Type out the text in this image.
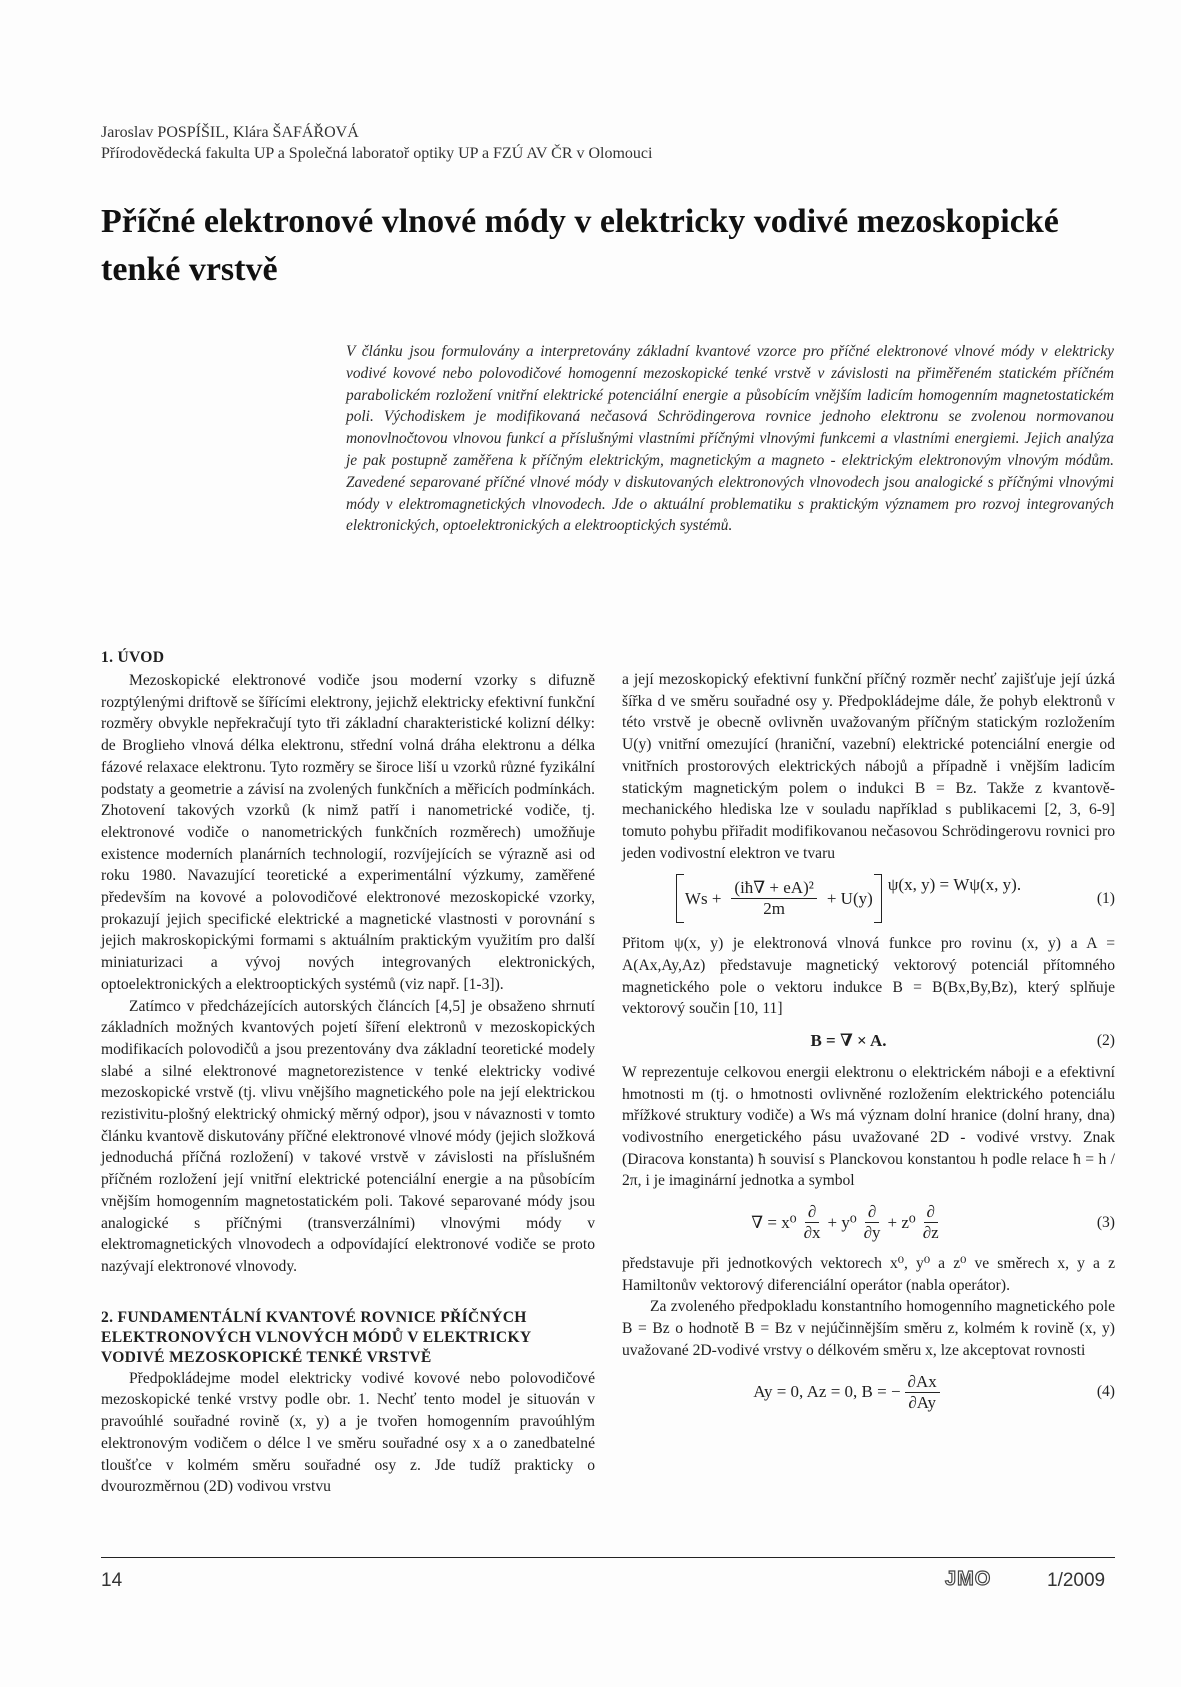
Jaroslav POSPÍŠIL, Klára ŠAFÁŘOVÁ
Přírodovědecká fakulta UP a Společná laboratoř optiky UP a FZÚ AV ČR v Olomouci
Příčné elektronové vlnové módy v elektricky vodivé mezoskopické tenké vrstvě

V článku jsou formulovány a interpretovány základní kvantové vzorce pro příčné elektronové vlnové módy v elektricky vodivé kovové nebo polovodičové homogenní mezoskopické tenké vrstvě v závislosti na přiměřeném statickém příčném parabolickém rozložení vnitřní elektrické potenciální energie a působícím vnějším ladicím homogenním magnetostatickém poli. Východiskem je modifikovaná nečasová Schrödingerova rovnice jednoho elektronu se zvolenou normovanou monovlnočtovou vlnovou funkcí a příslušnými vlastními příčnými vlnovými funkcemi a vlastními energiemi. Jejich analýza je pak postupně zaměřena k příčným elektrickým, magnetickým a magneto - elektrickým elektronovým vlnovým módům. Zavedené separované příčné vlnové módy v diskutovaných elektronových vlnovodech jsou analogické s příčnými vlnovými módy v elektromagnetických vlnovodech. Jde o aktuální problematiku s praktickým významem pro rozvoj integrovaných elektronických, optoelektronických a elektrooptických systémů.

1. ÚVOD

Mezoskopické elektronové vodiče jsou moderní vzorky s difuzně rozptýlenými driftově se šířícími elektrony, jejichž elektricky efektivní funkční rozměry obvykle nepřekračují tyto tři základní charakteristické kolizní délky: de Broglieho vlnová délka elektronu, střední volná dráha elektronu a délka fázové relaxace elektronu. Tyto rozměry se široce liší u vzorků různé fyzikální podstaty a geometrie a závisí na zvolených funkčních a měřicích podmínkách. Zhotovení takových vzorků (k nimž patří i nanometrické vodiče, tj. elektronové vodiče o nanometrických funkčních rozměrech) umožňuje existence moderních planárních technologií, rozvíjejících se výrazně asi od roku 1980. Navazující teoretické a experimentální výzkumy, zaměřené především na kovové a polovodičové elektronové mezoskopické vzorky, prokazují jejich specifické elektrické a magnetické vlastnosti v porovnání s jejich makroskopickými formami s aktuálním praktickým využitím pro další miniaturizaci a vývoj nových integrovaných elektronických, optoelektronických a elektrooptických systémů (viz např. [1-3]).

Zatímco v předcházejících autorských článcích [4,5] je obsaženo shrnutí základních možných kvantových pojetí šíření elektronů v mezoskopických modifikacích polovodičů a jsou prezentovány dva základní teoretické modely slabé a silné elektronové magnetorezistence v tenké elektricky vodivé mezoskopické vrstvě (tj. vlivu vnějšího magnetického pole na její elektrickou rezistivitu-plošný elektrický ohmický měrný odpor), jsou v návaznosti v tomto článku kvantově diskutovány příčné elektronové vlnové módy (jejich složková jednoduchá příčná rozložení) v takové vrstvě v závislosti na příslušném příčném rozložení její vnitřní elektrické potenciální energie a na působícím vnějším homogenním magnetostatickém poli. Takové separované módy jsou analogické s příčnými (transverzálními) vlnovými módy v elektromagnetických vlnovodech a odpovídající elektronové vodiče se proto nazývají elektronové vlnovody.

2. FUNDAMENTÁLNÍ KVANTOVÉ ROVNICE PŘÍČNÝCH ELEKTRONOVÝCH VLNOVÝCH MÓDŮ V ELEKTRICKY VODIVÉ MEZOSKOPICKÉ TENKÉ VRSTVĚ

Předpokládejme model elektricky vodivé kovové nebo polovodičové mezoskopické tenké vrstvy podle obr. 1. Nechť tento model je situován v pravoúhlé souřadné rovině (x, y) a je tvořen homogenním pravoúhlým elektronovým vodičem o délce l ve směru souřadné osy x a o zanedbatelné tloušťce v kolmém směru souřadné osy z. Jde tudíž prakticky o dvourozměrnou (2D) vodivou vrstvu

a její mezoskopický efektivní funkční příčný rozměr nechť zajišťuje její úzká šířka d ve směru souřadné osy y. Předpokládejme dále, že pohyb elektronů v této vrstvě je obecně ovlivněn uvažovaným příčným statickým rozložením U(y) vnitřní omezující (hraniční, vazební) elektrické potenciální energie od vnitřních prostorových elektrických nábojů a případně i vnějším ladicím statickým magnetickým polem o indukci B = Bz. Takže z kvantově-mechanického hlediska lze v souladu například s publikacemi [2, 3, 6-9] tomuto pohybu přiřadit modifikovanou nečasovou Schrödingerovu rovnici pro jeden vodivostní elektron ve tvaru

$Ws + \frac{\text{(iħ∇ + eA)²}}{2m} + U(y)$
ψ(x, y) = Wψ(x, y).
(1)

Přitom ψ(x, y) je elektronová vlnová funkce pro rovinu (x, y) a A = A(Ax,Ay,Az) představuje magnetický vektorový potenciál přítomného magnetického pole o vektoru indukce B = B(Bx,By,Bz), který splňuje vektorový součin [10, 11]

B = ∇ × A.	(2)

W reprezentuje celkovou energii elektronu o elektrickém náboji e a efektivní hmotnosti m (tj. o hmotnosti ovlivněné rozložením elektrického potenciálu mřížkové struktury vodiče) a Ws má význam dolní hranice (dolní hrany, dna) vodivostního energetického pásu uvažované 2D - vodivé vrstvy. Znak (Diracova konstanta) ħ souvisí s Planckovou konstantou h podle relace ħ = h / 2π, i je imaginární jednotka a symbol

∇ = $x^0 \frac{\partial}{\partial x} + y^0 \frac{\partial}{\partial y} + z^0 \frac{\partial}{\partial z}$	(3)

představuje při jednotkových vektorech x⁰, y⁰ a z⁰ ve směrech x, y a z Hamiltonův vektorový diferenciální operátor (nabla operátor).

Za zvoleného předpokladu konstantního homogenního magnetického pole B = Bz o hodnotě B = Bz v nejúčinnějším směru z, kolmém k rovině (x, y) uvažované 2D-vodivé vrstvy o délkovém směru x, lze akceptovat rovnosti

Ay = 0, Az = 0, B = − $\frac{\partial Ax}{\partial Ay}$	(4)
14	JMO	1/2009
